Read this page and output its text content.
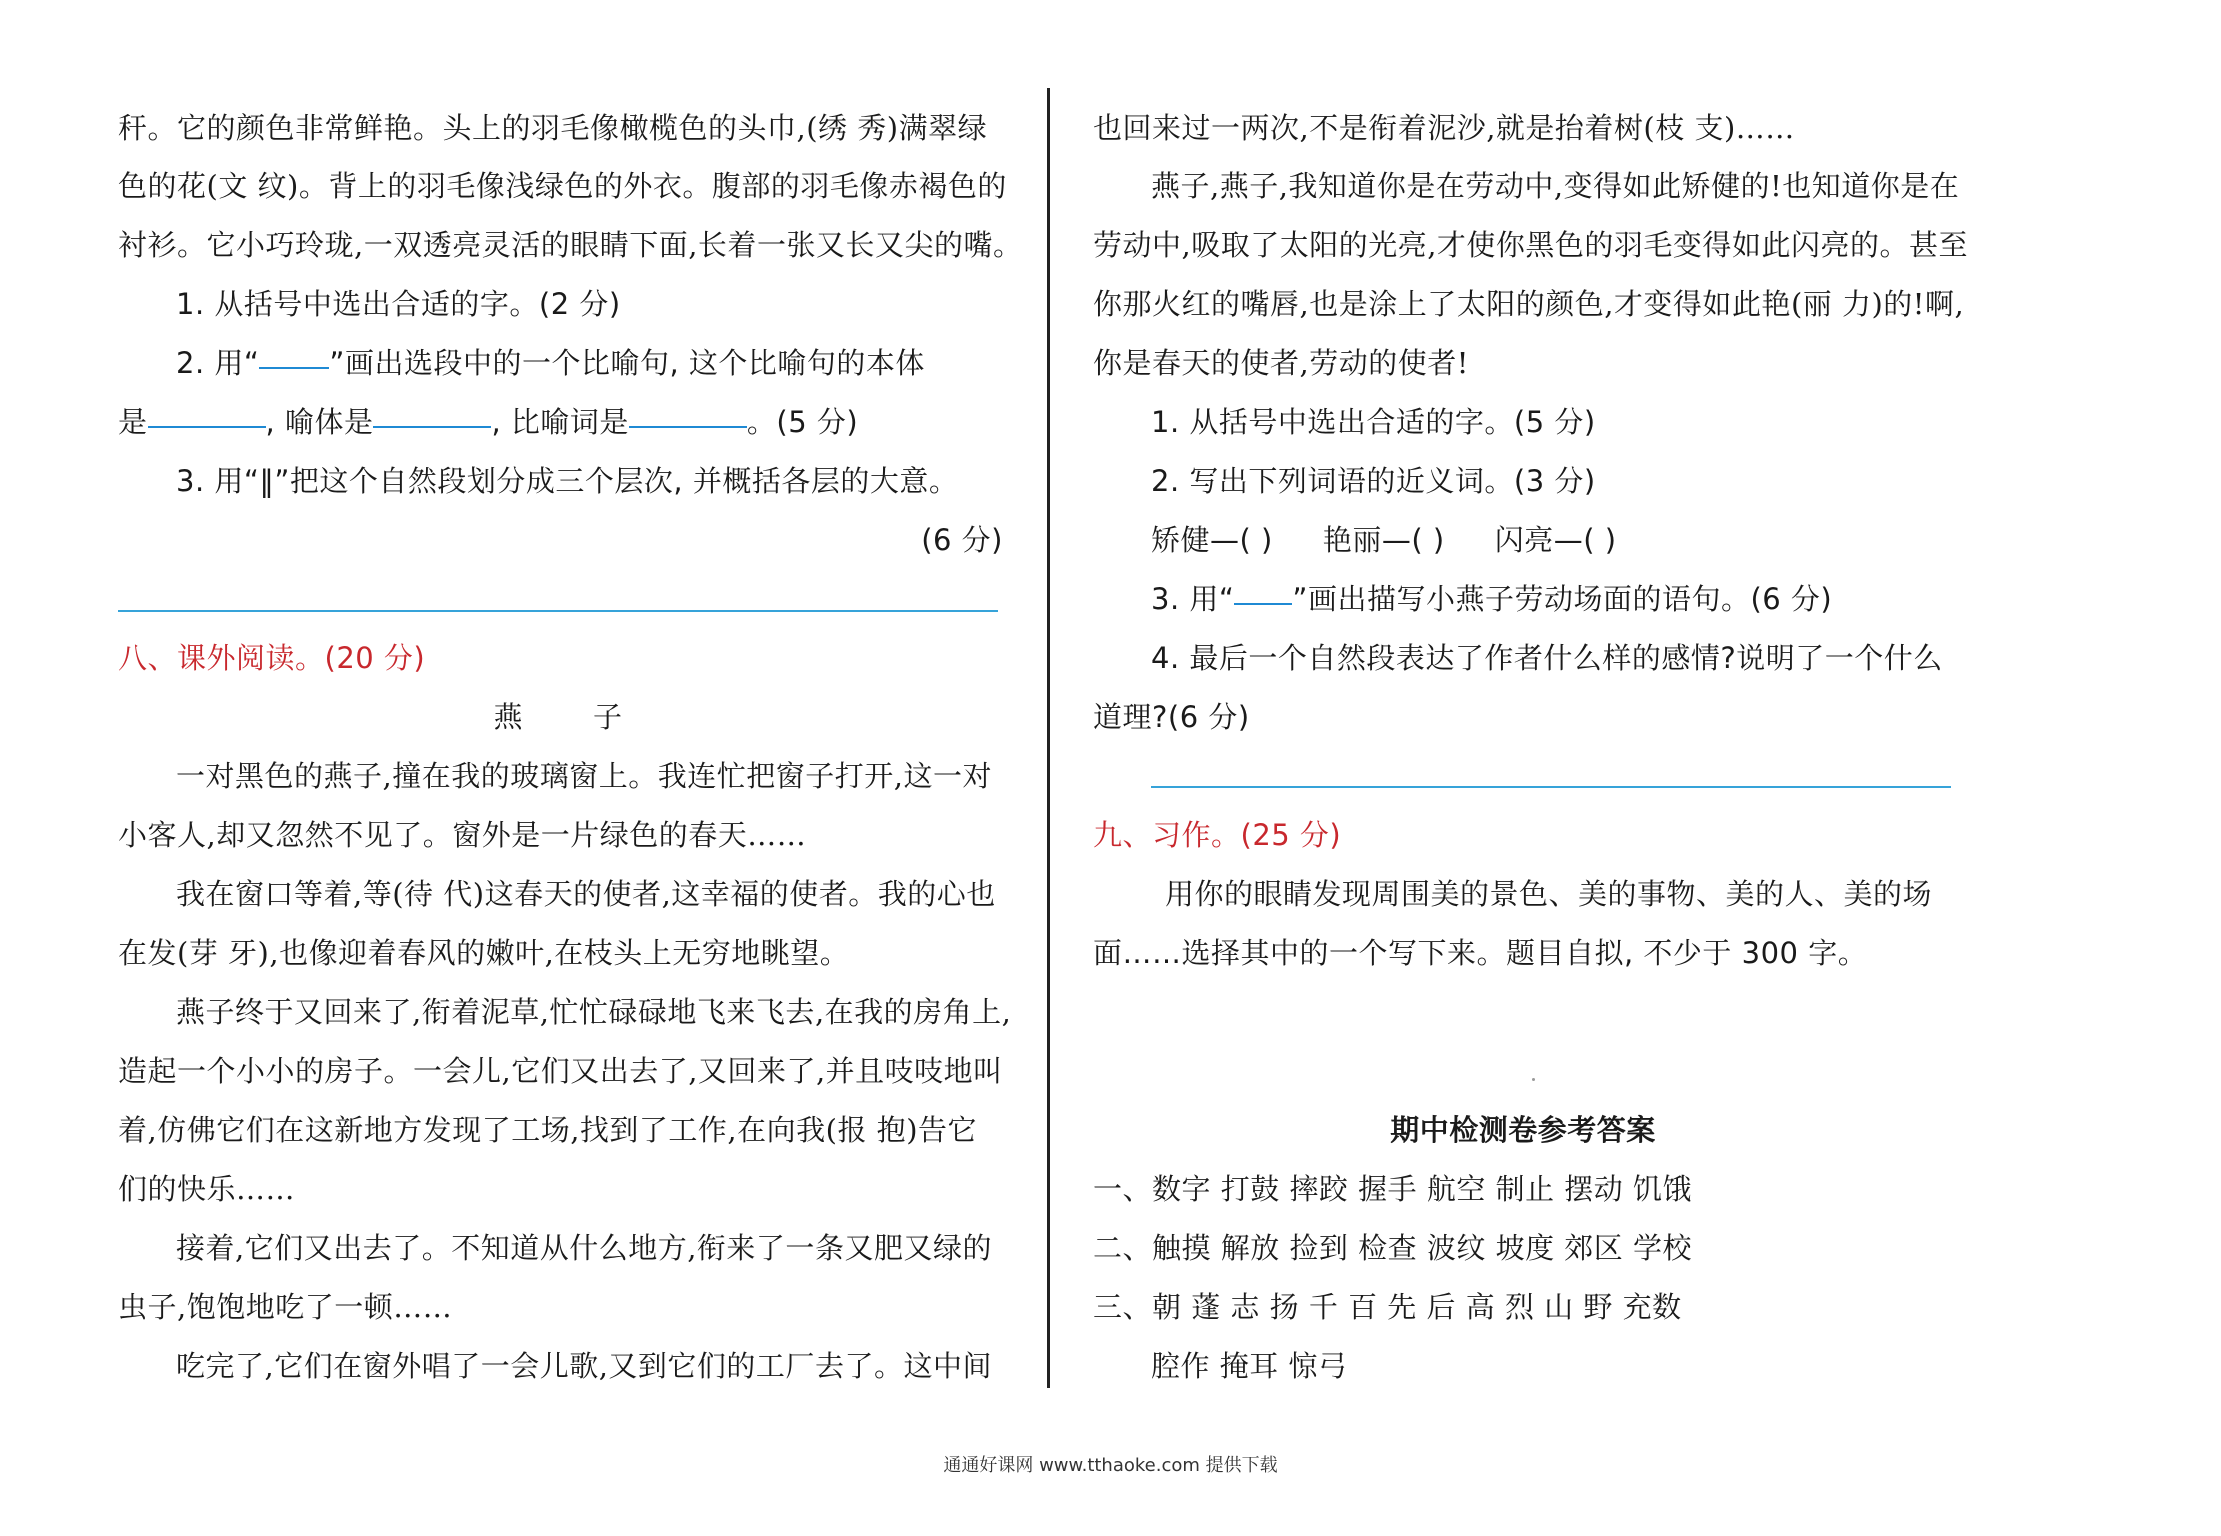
秆。它的颜色非常鲜艳。头上的羽毛像橄榄色的头巾,(绣 秀)满翠绿
色的花(文 纹)。背上的羽毛像浅绿色的外衣。腹部的羽毛像赤褐色的
衬衫。它小巧玲珑,一双透亮灵活的眼睛下面,长着一张又长又尖的嘴。
1. 从括号中选出合适的字。(2 分)
2. 用“ ”画出选段中的一个比喻句, 这个比喻句的本体
是	, 喻体是	, 比喻词是	。(5 分)
3. 用“‖”把这个自然段划分成三个层次, 并概括各层的大意。
(6 分)
八、课外阅读。(20 分)
燕 子
一对黑色的燕子,撞在我的玻璃窗上。我连忙把窗子打开,这一对
小客人,却又忽然不见了。窗外是一片绿色的春天……
我在窗口等着,等(待 代)这春天的使者,这幸福的使者。我的心也
在发(芽 牙),也像迎着春风的嫩叶,在枝头上无穷地眺望。
燕子终于又回来了,衔着泥草,忙忙碌碌地飞来飞去,在我的房角上,
造起一个小小的房子。一会儿,它们又出去了,又回来了,并且吱吱地叫
着,仿佛它们在这新地方发现了工场,找到了工作,在向我(报 抱)告它
们的快乐……
接着,它们又出去了。不知道从什么地方,衔来了一条又肥又绿的
虫子,饱饱地吃了一顿……
吃完了,它们在窗外唱了一会儿歌,又到它们的工厂去了。这中间
也回来过一两次,不是衔着泥沙,就是抬着树(枝 支)……
燕子,燕子,我知道你是在劳动中,变得如此矫健的!也知道你是在
劳动中,吸取了太阳的光亮,才使你黑色的羽毛变得如此闪亮的。甚至
你那火红的嘴唇,也是涂上了太阳的颜色,才变得如此艳(丽 力)的!啊,
你是春天的使者,劳动的使者!
1. 从括号中选出合适的字。(5 分)
2. 写出下列词语的近义词。(3 分)
矫健—( ) 艳丽—( ) 闪亮—( )
3. 用“ ”画出描写小燕子劳动场面的语句。(6 分)
4. 最后一个自然段表达了作者什么样的感情?说明了一个什么
道理?(6 分)
九、习作。(25 分)
用你的眼睛发现周围美的景色、美的事物、美的人、美的场
面……选择其中的一个写下来。题目自拟, 不少于 300 字。
期中检测卷参考答案
一、数字 打鼓 摔跤 握手 航空 制止 摆动 饥饿
二、触摸 解放 捡到 检查 波纹 坡度 郊区 学校
三、朝 蓬 志 扬 千 百 先 后 高 烈 山 野 充数
腔作 掩耳 惊弓
通通好课网 www.tthaoke.com 提供下载
